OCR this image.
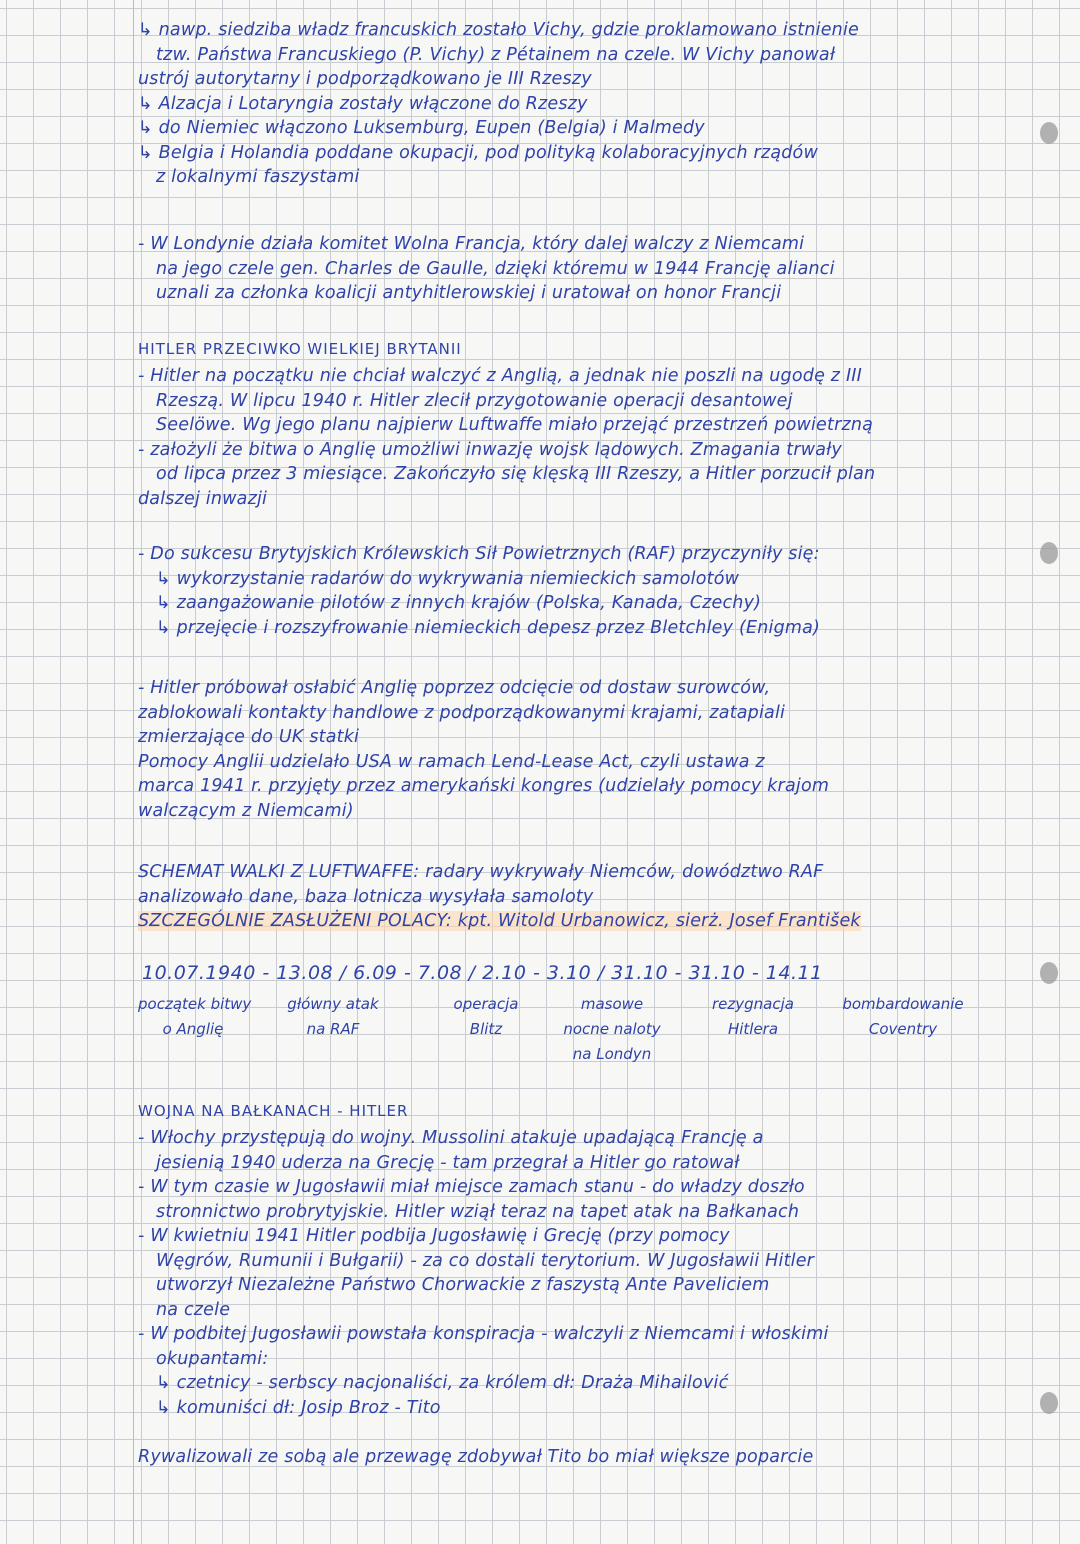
↳ nawp. siedziba władz francuskich zostało Vichy, gdzie proklamowano istnienie
tzw. Państwa Francuskiego (P. Vichy) z Pétainem na czele. W Vichy panował
ustrój autorytarny i podporządkowano je III Rzeszy
↳ Alzacja i Lotaryngia zostały włączone do Rzeszy
↳ do Niemiec włączono Luksemburg, Eupen (Belgia) i Malmedy
↳ Belgia i Holandia poddane okupacji, pod polityką kolaboracyjnych rządów
z lokalnymi faszystami
- W Londynie działa komitet Wolna Francja, który dalej walczy z Niemcami
na jego czele gen. Charles de Gaulle, dzięki któremu w 1944 Francję alianci
uznali za członka koalicji antyhitlerowskiej i uratował on honor Francji
HITLER PRZECIWKO WIELKIEJ BRYTANII
- Hitler na początku nie chciał walczyć z Anglią, a jednak nie poszli na ugodę z III
Rzeszą. W lipcu 1940 r. Hitler zlecił przygotowanie operacji desantowej
Seelöwe. Wg jego planu najpierw Luftwaffe miało przejąć przestrzeń powietrzną
- założyli że bitwa o Anglię umożliwi inwazję wojsk lądowych. Zmagania trwały
od lipca przez 3 miesiące. Zakończyło się klęską III Rzeszy, a Hitler porzucił plan
dalszej inwazji
- Do sukcesu Brytyjskich Królewskich Sił Powietrznych (RAF) przyczyniły się:
↳ wykorzystanie radarów do wykrywania niemieckich samolotów
↳ zaangażowanie pilotów z innych krajów (Polska, Kanada, Czechy)
↳ przejęcie i rozszyfrowanie niemieckich depesz przez Bletchley (Enigma)
- Hitler próbował osłabić Anglię poprzez odcięcie od dostaw surowców,
zablokowali kontakty handlowe z podporządkowanymi krajami, zatapiali
zmierzające do UK statki
Pomocy Anglii udzielało USA w ramach Lend-Lease Act, czyli ustawa z
marca 1941 r. przyjęty przez amerykański kongres (udzielały pomocy krajom
walczącym z Niemcami)
SCHEMAT WALKI Z LUFTWAFFE: radary wykrywały Niemców, dowództwo RAF
analizowało dane, baza lotnicza wysyłała samoloty
SZCZEGÓLNIE ZASŁUŻENI POLACY: kpt. Witold Urbanowicz, sierż. Josef František
10.07.1940 - 13.08 / 6.09 - 7.08 / 2.10 - 3.10 / 31.10 - 31.10 - 14.11
początek bitwy
o Anglię
główny atak
na RAF
operacja
Blitz
masowe
nocne naloty
na Londyn
rezygnacja
Hitlera
bombardowanie
Coventry
WOJNA NA BAŁKANACH - HITLER
- Włochy przystępują do wojny. Mussolini atakuje upadającą Francję a
jesienią 1940 uderza na Grecję - tam przegrał a Hitler go ratował
- W tym czasie w Jugosławii miał miejsce zamach stanu - do władzy doszło
stronnictwo probrytyjskie. Hitler wziął teraz na tapet atak na Bałkanach
- W kwietniu 1941 Hitler podbija Jugosławię i Grecję (przy pomocy
Węgrów, Rumunii i Bułgarii) - za co dostali terytorium. W Jugosławii Hitler
utworzył Niezależne Państwo Chorwackie z faszystą Ante Paveliciem
na czele
- W podbitej Jugosławii powstała konspiracja - walczyli z Niemcami i włoskimi
okupantami:
↳ czetnicy - serbscy nacjonaliści, za królem dł: Draża Mihailović
↳ komuniści dł: Josip Broz - Tito
Rywalizowali ze sobą ale przewagę zdobywał Tito bo miał większe poparcie
